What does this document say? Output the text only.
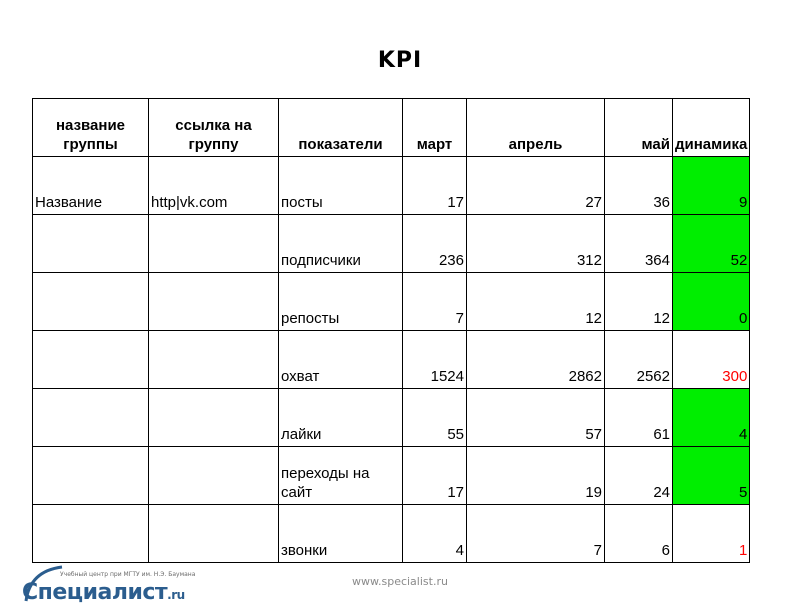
KPI
название группы	ссылка на группу	показатели	март	апрель	май	динамика
Название	http|vk.com	посты	17	27	36	9
		подписчики	236	312	364	52
		репосты	7	12	12	0
		охват	1524	2862	2562	300
		лайки	55	57	61	4
		переходы на сайт	17	19	24	5
		звонки	4	7	6	1
Учебный центр при МГТУ им. Н.Э. Баумана
Специалист.ru
www.specialist.ru
